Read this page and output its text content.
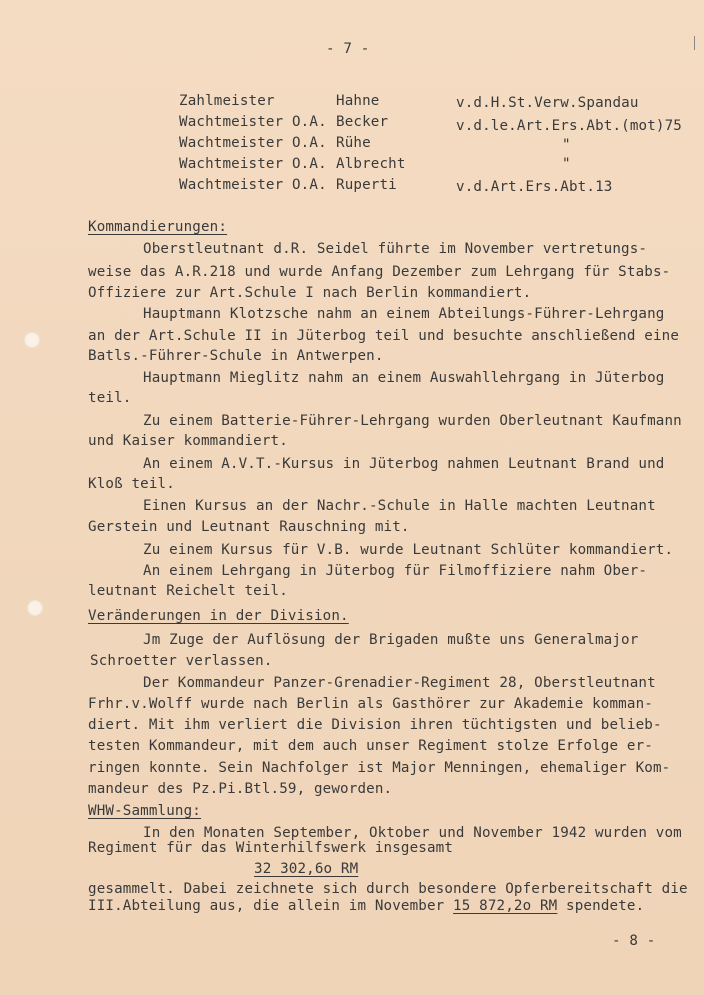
- 7 -
Zahlmeister	Hahne	v.d.H.St.Verw.Spandau
Wachtmeister O.A. Becker	v.d.le.Art.Ers.Abt.(mot)75
Wachtmeister O.A. Rühe	"
Wachtmeister O.A. Albrecht	"
Wachtmeister O.A. Ruperti	v.d.Art.Ers.Abt.13
Kommandierungen:
Oberstleutnant d.R. Seidel führte im November vertretungs-
weise das A.R.218 und wurde Anfang Dezember zum Lehrgang für Stabs-
Offiziere zur Art.Schule I nach Berlin kommandiert.
Hauptmann Klotzsche nahm an einem Abteilungs-Führer-Lehrgang
an der Art.Schule II in Jüterbog teil und besuchte anschließend eine
Batls.-Führer-Schule in Antwerpen.
Hauptmann Mieglitz nahm an einem Auswahllehrgang in Jüterbog
teil.
Zu einem Batterie-Führer-Lehrgang wurden Oberleutnant Kaufmann
und Kaiser kommandiert.
An einem A.V.T.-Kursus in Jüterbog nahmen Leutnant Brand und
Kloß teil.
Einen Kursus an der Nachr.-Schule in Halle machten Leutnant
Gerstein und Leutnant Rauschning mit.
Zu einem Kursus für V.B. wurde Leutnant Schlüter kommandiert.
An einem Lehrgang in Jüterbog für Filmoffiziere nahm Ober-
leutnant Reichelt teil.
Veränderungen in der Division.
Jm Zuge der Auflösung der Brigaden mußte uns Generalmajor
Schroetter verlassen.
Der Kommandeur Panzer-Grenadier-Regiment 28, Oberstleutnant
Frhr.v.Wolff wurde nach Berlin als Gasthörer zur Akademie komman-
diert. Mit ihm verliert die Division ihren tüchtigsten und belieb-
testen Kommandeur, mit dem auch unser Regiment stolze Erfolge er-
ringen konnte. Sein Nachfolger ist Major Menningen, ehemaliger Kom-
mandeur des Pz.Pi.Btl.59, geworden.
WHW-Sammlung:
In den Monaten September, Oktober und November 1942 wurden vom
Regiment für das Winterhilfswerk insgesamt
32 302,6o RM
gesammelt. Dabei zeichnete sich durch besondere Opferbereitschaft die
III.Abteilung aus, die allein im November 15 872,2o RM spendete.
- 8 -
